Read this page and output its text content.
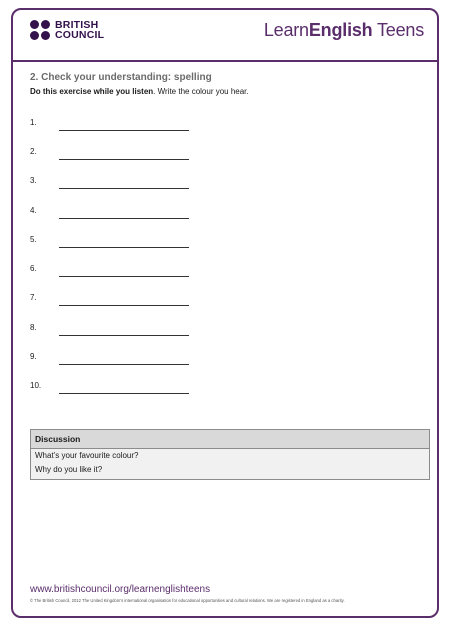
BRITISH
COUNCIL	LearnEnglish Teens
2. Check your understanding: spelling
Do this exercise while you listen. Write the colour you hear.
1.
2.
3.
4.
5.
6.
7.
8.
9.
10.
Discussion
What’s your favourite colour?
Why do you like it?
www.britishcouncil.org/learnenglishteens
© The British Council, 2012 The United Kingdom’s international organisation for educational opportunities and cultural relations. We are registered in England as a charity.
